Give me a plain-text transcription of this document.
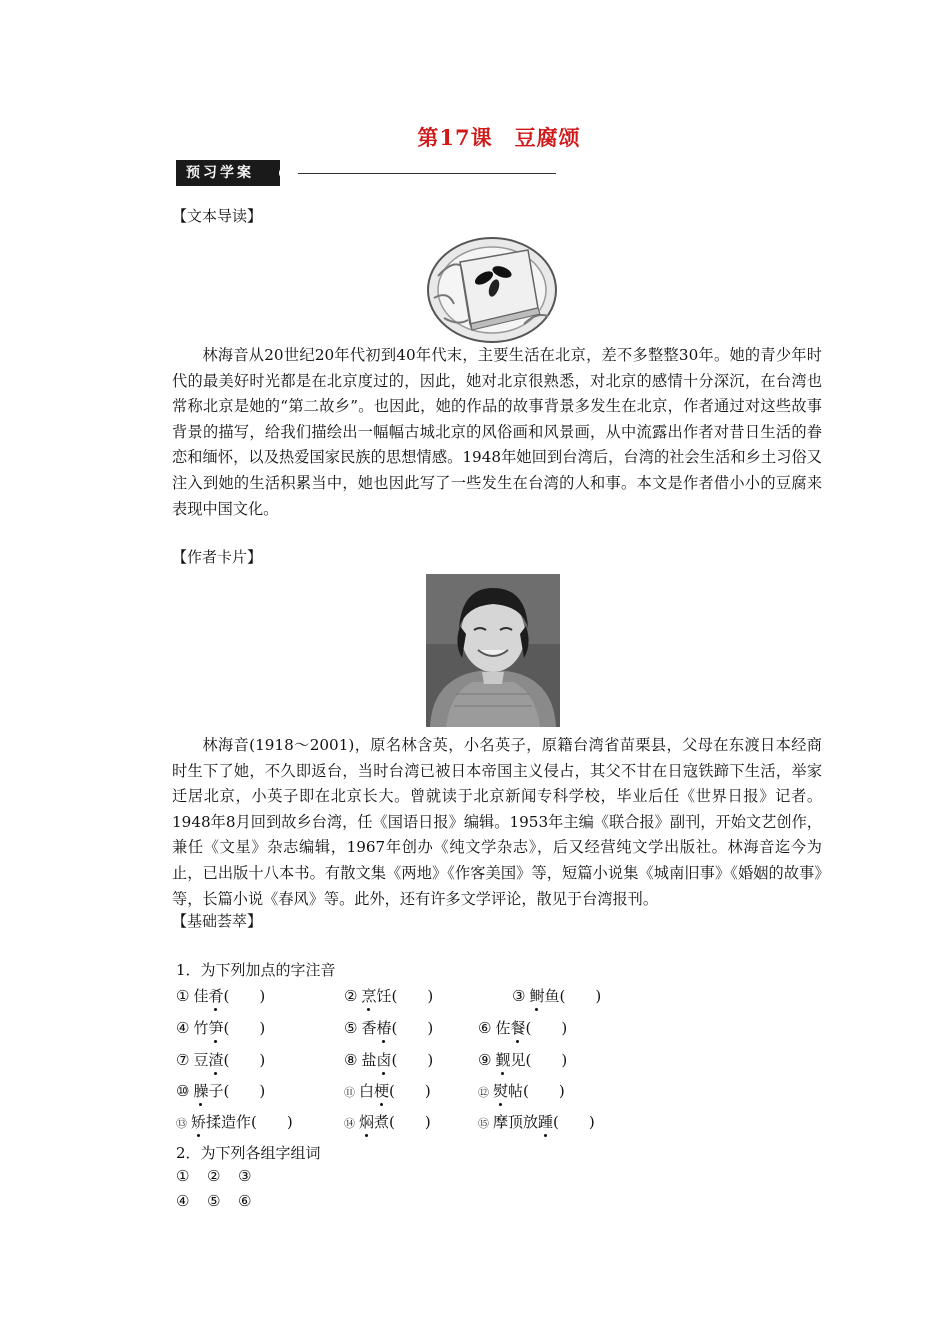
第17课 豆腐颂
预习学案
【文本导读】

林海音从20世纪20年代初到40年代末，主要生活在北京，差不多整整30年。她的青少年时代的最美好时光都是在北京度过的，因此，她对北京很熟悉，对北京的感情十分深沉，在台湾也常称北京是她的“第二故乡”。也因此，她的作品的故事背景多发生在北京，作者通过对这些故事背景的描写，给我们描绘出一幅幅古城北京的风俗画和风景画，从中流露出作者对昔日生活的眷恋和缅怀，以及热爱国家民族的思想情感。1948年她回到台湾后，台湾的社会生活和乡土习俗又注入到她的生活积累当中，她也因此写了一些发生在台湾的人和事。本文是作者借小小的豆腐来表现中国文化。

【作者卡片】

林海音(1918～2001)，原名林含英，小名英子，原籍台湾省苗栗县，父母在东渡日本经商时生下了她，不久即返台，当时台湾已被日本帝国主义侵占，其父不甘在日寇铁蹄下生活，举家迁居北京，小英子即在北京长大。曾就读于北京新闻专科学校，毕业后任《世界日报》记者。1948年8月回到故乡台湾，任《国语日报》编辑。1953年主编《联合报》副刊，开始文艺创作，兼任《文星》杂志编辑，1967年创办《纯文学杂志》，后又经营纯文学出版社。林海音迄今为止，已出版十八本书。有散文集《两地》《作客美国》等，短篇小说集《城南旧事》《婚姻的故事》等，长篇小说《春风》等。此外，还有许多文学评论，散见于台湾报刊。

【基础荟萃】
1．为下列加点的字注音
① 佳肴(　　)	② 烹饪(　　)	③ 鲥鱼(　　)
④ 竹笋(　　)	⑤ 香椿(　　)	⑥ 佐餐(　　)
⑦ 豆渣(　　)	⑧ 盐卤(　　)	⑨ 觐见(　　)
⑩ 臊子(　　)	⑪ 白梗(　　)	⑫ 熨帖(　　)
⑬ 矫揉造作(　　)	⑭ 焖煮(　　)	⑮ 摩顶放踵(　　)
2．为下列各组字组词
① ② ③
④ ⑤ ⑥
